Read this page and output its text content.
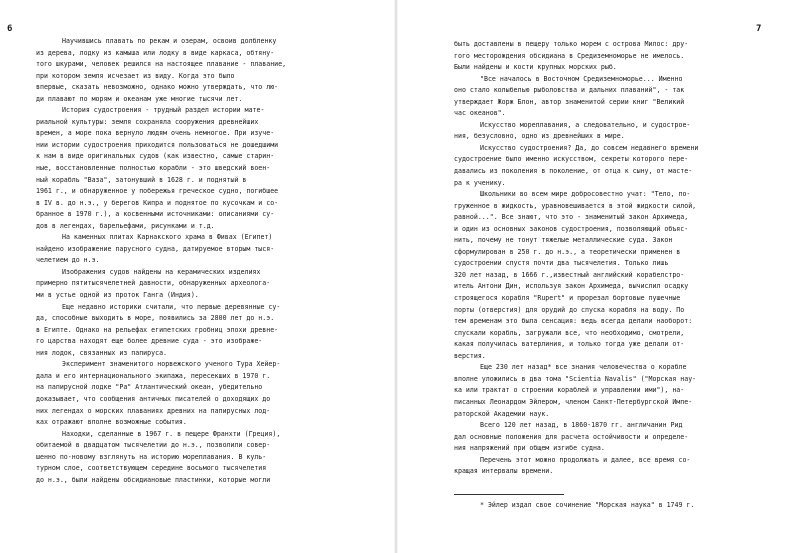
6
Научившись плавать по рекам и озерам, освоив долбленку
из дерева, лодку из камыша или лодку в виде каркаса, обтяну-
того шкурами, человек решился на настоящее плавание - плавание,
при котором земля исчезает из виду. Когда это было
впервые, сказать невозможно, однако можно утверждать, что лю-
ди плавают по морям и океанам уже многие тысячи лет.
История судостроения - трудный раздел истории мате-
риальной культуры: земля сохраняла сооружения древнейших
времен, а море пока вернуло людям очень немногое. При изуче-
нии истории судостроения приходится пользоваться не дошедшими
к нам в виде оригинальных судов (как известно, самые старин-
ные, восстановленные полностью корабли - это шведский воен-
ный корабль "Ваза", затонувший в 1628 г. и поднятый в
1961 г., и обнаруженное у побережья греческое судно, погибшее
в IV в. до н.э., у берегов Кипра и поднятое по кусочкам и со-
бранное в 1970 г.), а косвенными источниками: описаниями су-
дов в легендах, барельефами, рисунками и т.д.
На каменных плитах Карнакского храма в Фивах (Египет)
найдено изображение парусного судна, датируемое вторым тыся-
челетием до н.э.
Изображения судов найдены на керамических изделиях
примерно пятитысячелетней давности, обнаруженных археолога-
ми в устье одной из проток Гангa (Индия).
Еще недавно историки считали, что первые деревянные су-
да, способные выходить в море, появились за 2800 лет до н.э.
в Египте. Однако на рельефах египетских гробниц эпохи древне-
го царства находят еще более древние суда - это изображе-
ния лодок, связанных из папируса.
Эксперимент знаменитого норвежского ученого Тура Хейер-
дала и его интернационального экипажа, пересекших в 1970 г.
на папирусной лодке "Ра" Атлантический океан, убедительно
доказывает, что сообщения античных писателей о доходящих до
них легендах о морских плаваниях древних на папирусных лод-
ках отражают вполне возможные события.
Находки, сделанные в 1967 г. в пещере Франхти (Греция),
обитаемой в двадцатом тысячелетии до н.э., позволили совер-
шенно по-новому взглянуть на историю мореплавания. В куль-
турном слое, соответствующем середине восьмого тысячелетия
до н.э., были найдены обсидиановые пластинки, которые могли
7
быть доставлены в пещеру только морем с острова Милос: дру-
гого месторождения обсидиана в Средиземноморье не имелось.
Были найдены и кости крупных морских рыб.
"Все началось в Восточном Средиземноморье... Именно
оно стало колыбелью рыболовства и дальних плаваний", - так
утверждает Жорж Блон, автор знаменитой серии книг "Великий
час океанов".
Искусство мореплавания, а следовательно, и судострое-
ния, безусловно, одно из древнейших в мире.
Искусство судостроения? Да, до совсем недавнего времени
судостроение было именно искусством, секреты которого пере-
давались из поколения в поколение, от отца к сыну, от масте-
ра к ученику.
Школьники во всем мире добросовестно учат: "Тело, по-
груженное в жидкость, уравновешивается в этой жидкости силой,
равной...". Все знают, что это - знаменитый закон Архимеда,
и один из основных законов судостроения, позволяющий объяс-
нить, почему не тонут тяжелые металлические суда. Закон
сформулирован в 250 г. до н.э., а теоретически применен в
судостроении спустя почти два тысячелетия. Только лишь
320 лет назад, в 1666 г.,известный английский корабелстро-
итель Антони Дин, используя закон Архимеда, вычислил осадку
строящегося корабля "Rupert" и прорезал бортовые пушечные
порты (отверстия) для орудий до спуска корабля на воду. По
тем временам это была сенсация: ведь всегда делали наоборот:
спускали корабль, загружали все, что необходимо, смотрели,
какая получилась ватерлиния, и только тогда уже делали от-
верстия.
Еще 230 лет назад* все знания человечества о корабле
вполне уложились в два тома "Scientia Navalis" ("Морская нау-
ка или трактат о строении кораблей и управлении ими"), на-
писанных Леонардом Эйлером, членом Санкт-Петербургской Импе-
раторской Академии наук.
Всего 120 лет назад, в 1860-1870 гг. англичанин Рид
дал основные положения для расчета остойчивости и определе-
ния напряжений при общем изгибе судна.
Перечень этот можно продолжать и далее, все время со-
кращая интервалы времени.
* Эйлер издал свое сочинение "Морская наука" в 1749 г.
